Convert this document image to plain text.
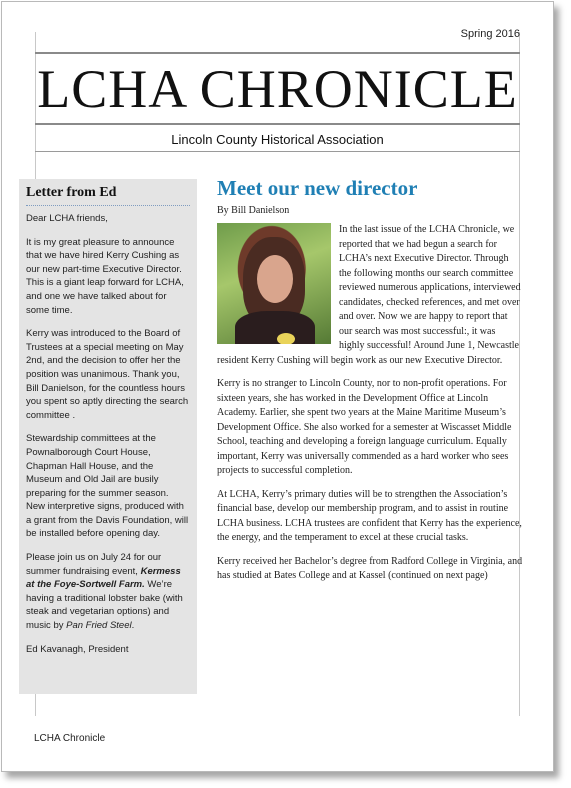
Spring 2016
LCHA CHRONICLE
Lincoln County Historical Association
Letter from Ed

Dear LCHA friends,

It is my great pleasure to announce that we have hired Kerry Cushing as our new part-time Executive Director. This is a giant leap forward for LCHA, and one we have talked about for some time.

Kerry was introduced to the Board of Trustees at a special meeting on May 2nd, and the decision to offer her the position was unanimous. Thank you, Bill Danielson, for the countless hours you spent so aptly directing the search committee .

Stewardship committees at the Pownalborough Court House, Chapman Hall House, and the Museum and Old Jail are busily preparing for the summer season. New interpretive signs, produced with a grant from the Davis Foundation, will be installed before opening day.

Please join us on July 24 for our summer fundraising event, Kermess at the Foye-Sortwell Farm. We’re having a traditional lobster bake (with steak and vegetarian options) and music by Pan Fried Steel.

Ed Kavanagh, President

Meet our new director
By Bill Danielson

In the last issue of the LCHA Chronicle, we reported that we had begun a search for LCHA’s next Executive Director. Through the following months our search committee reviewed numerous applications, interviewed candidates, checked references, and met over and over. Now we are happy to report that our search was most successful:, it was highly successful! Around June 1, Newcastle resident Kerry Cushing will begin work as our new Executive Director.

Kerry is no stranger to Lincoln County, nor to non-profit operations. For sixteen years, she has worked in the Development Office at Lincoln Academy. Earlier, she spent two years at the Maine Maritime Museum’s Development Office. She also worked for a semester at Wiscasset Middle School, teaching and developing a foreign language curriculum. Equally important, Kerry was universally commended as a hard worker who sees projects to successful completion.

At LCHA, Kerry’s primary duties will be to strengthen the Association’s financial base, develop our membership program, and to assist in routine LCHA business. LCHA trustees are confident that Kerry has the experience, the energy, and the temperament to excel at these crucial tasks.

Kerry received her Bachelor’s degree from Radford College in Virginia, and has studied at Bates College and at Kassel (continued on next page)

LCHA Chronicle
